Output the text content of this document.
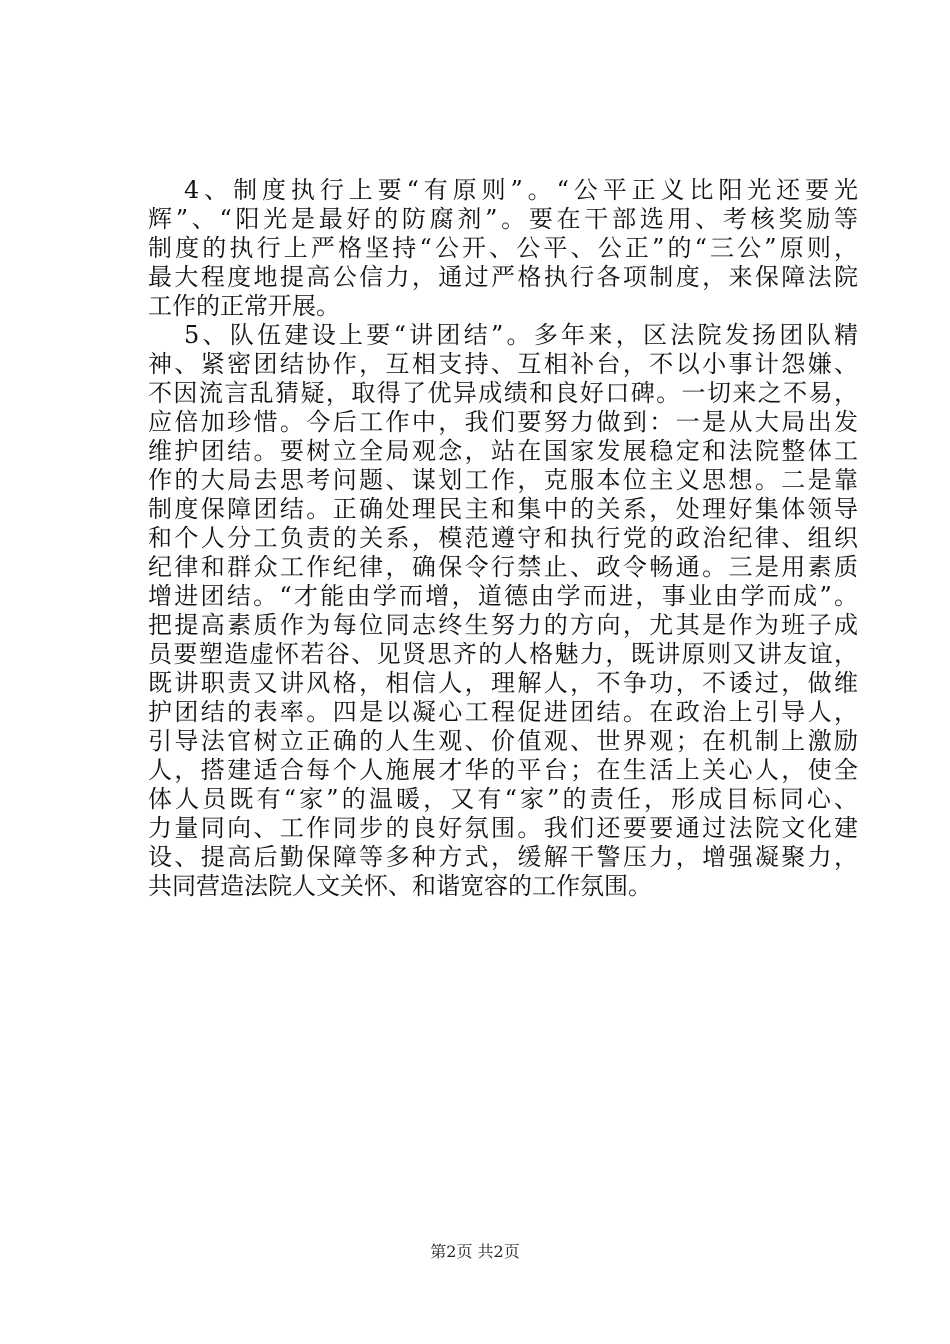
4、制度执行上要“有原则”。“公平正义比阳光还要光
辉”、“阳光是最好的防腐剂”。要在干部选用、考核奖励等
制度的执行上严格坚持“公开、公平、公正”的“三公”原则，
最大程度地提高公信力，通过严格执行各项制度，来保障法院
工作的正常开展。
5、队伍建设上要“讲团结”。多年来，区法院发扬团队精
神、紧密团结协作，互相支持、互相补台，不以小事计怨嫌、
不因流言乱猜疑，取得了优异成绩和良好口碑。一切来之不易，
应倍加珍惜。今后工作中，我们要努力做到：一是从大局出发
维护团结。要树立全局观念，站在国家发展稳定和法院整体工
作的大局去思考问题、谋划工作，克服本位主义思想。二是靠
制度保障团结。正确处理民主和集中的关系，处理好集体领导
和个人分工负责的关系，模范遵守和执行党的政治纪律、组织
纪律和群众工作纪律，确保令行禁止、政令畅通。三是用素质
增进团结。“才能由学而增，道德由学而进，事业由学而成”。
把提高素质作为每位同志终生努力的方向，尤其是作为班子成
员要塑造虚怀若谷、见贤思齐的人格魅力，既讲原则又讲友谊，
既讲职责又讲风格，相信人，理解人，不争功，不诿过，做维
护团结的表率。四是以凝心工程促进团结。在政治上引导人，
引导法官树立正确的人生观、价值观、世界观；在机制上激励
人，搭建适合每个人施展才华的平台；在生活上关心人，使全
体人员既有“家”的温暖，又有“家”的责任，形成目标同心、
力量同向、工作同步的良好氛围。我们还要要通过法院文化建
设、提高后勤保障等多种方式，缓解干警压力，增强凝聚力，
共同营造法院人文关怀、和谐宽容的工作氛围。
第2页 共2页
